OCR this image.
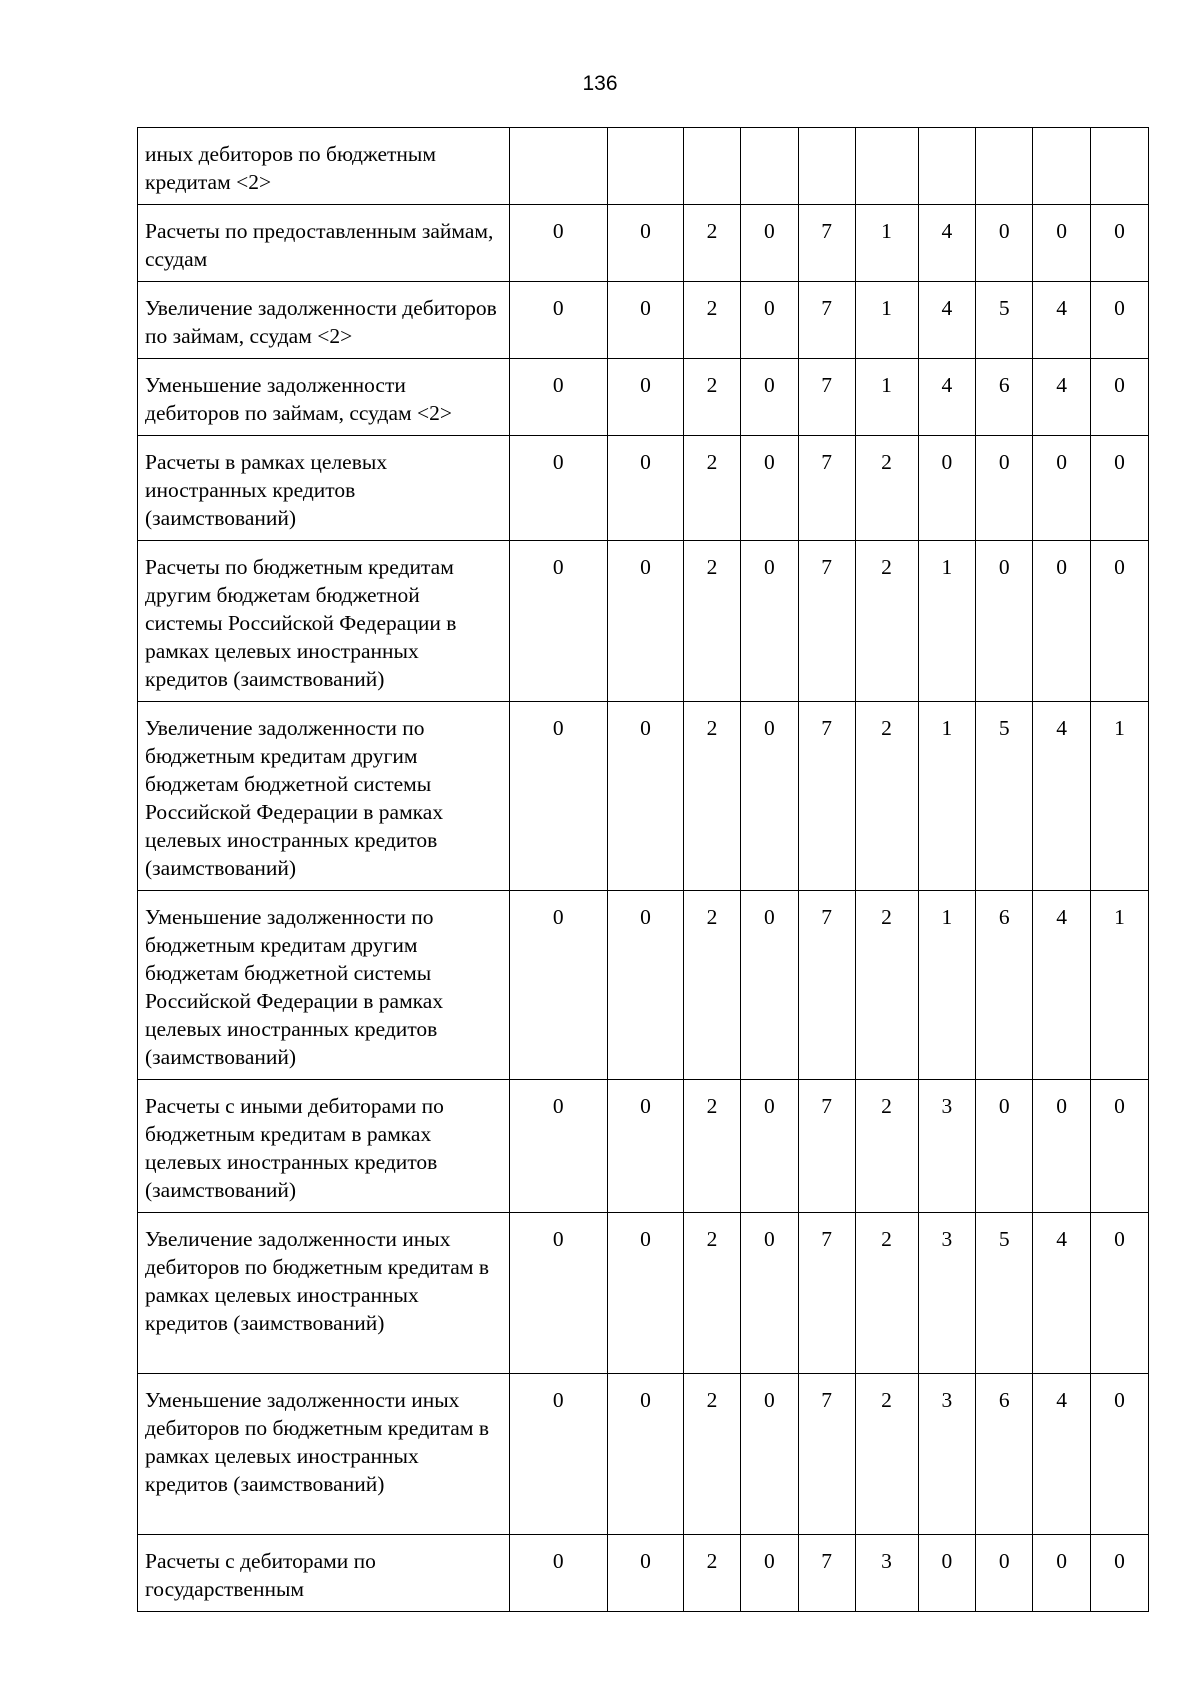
136
иных дебиторов по бюджетным кредитам <2>										
Расчеты по предоставленным займам, ссудам	0	0	2	0	7	1	4	0	0	0
Увеличение задолженности дебиторов по займам, ссудам <2>	0	0	2	0	7	1	4	5	4	0
Уменьшение задолженности дебиторов по займам, ссудам <2>	0	0	2	0	7	1	4	6	4	0
Расчеты в рамках целевых иностранных кредитов (заимствований)	0	0	2	0	7	2	0	0	0	0
Расчеты по бюджетным кредитам другим бюджетам бюджетной системы Российской Федерации в рамках целевых иностранных кредитов (заимствований)	0	0	2	0	7	2	1	0	0	0
Увеличение задолженности по бюджетным кредитам другим бюджетам бюджетной системы Российской Федерации в рамках целевых иностранных кредитов (заимствований)	0	0	2	0	7	2	1	5	4	1
Уменьшение задолженности по бюджетным кредитам другим бюджетам бюджетной системы Российской Федерации в рамках целевых иностранных кредитов (заимствований)	0	0	2	0	7	2	1	6	4	1
Расчеты с иными дебиторами по бюджетным кредитам в рамках целевых иностранных кредитов (заимствований)	0	0	2	0	7	2	3	0	0	0
Увеличение задолженности иных дебиторов по бюджетным кредитам в рамках целевых иностранных кредитов (заимствований)	0	0	2	0	7	2	3	5	4	0
Уменьшение задолженности иных дебиторов по бюджетным кредитам в рамках целевых иностранных кредитов (заимствований)	0	0	2	0	7	2	3	6	4	0
Расчеты с дебиторами по государственным	0	0	2	0	7	3	0	0	0	0
